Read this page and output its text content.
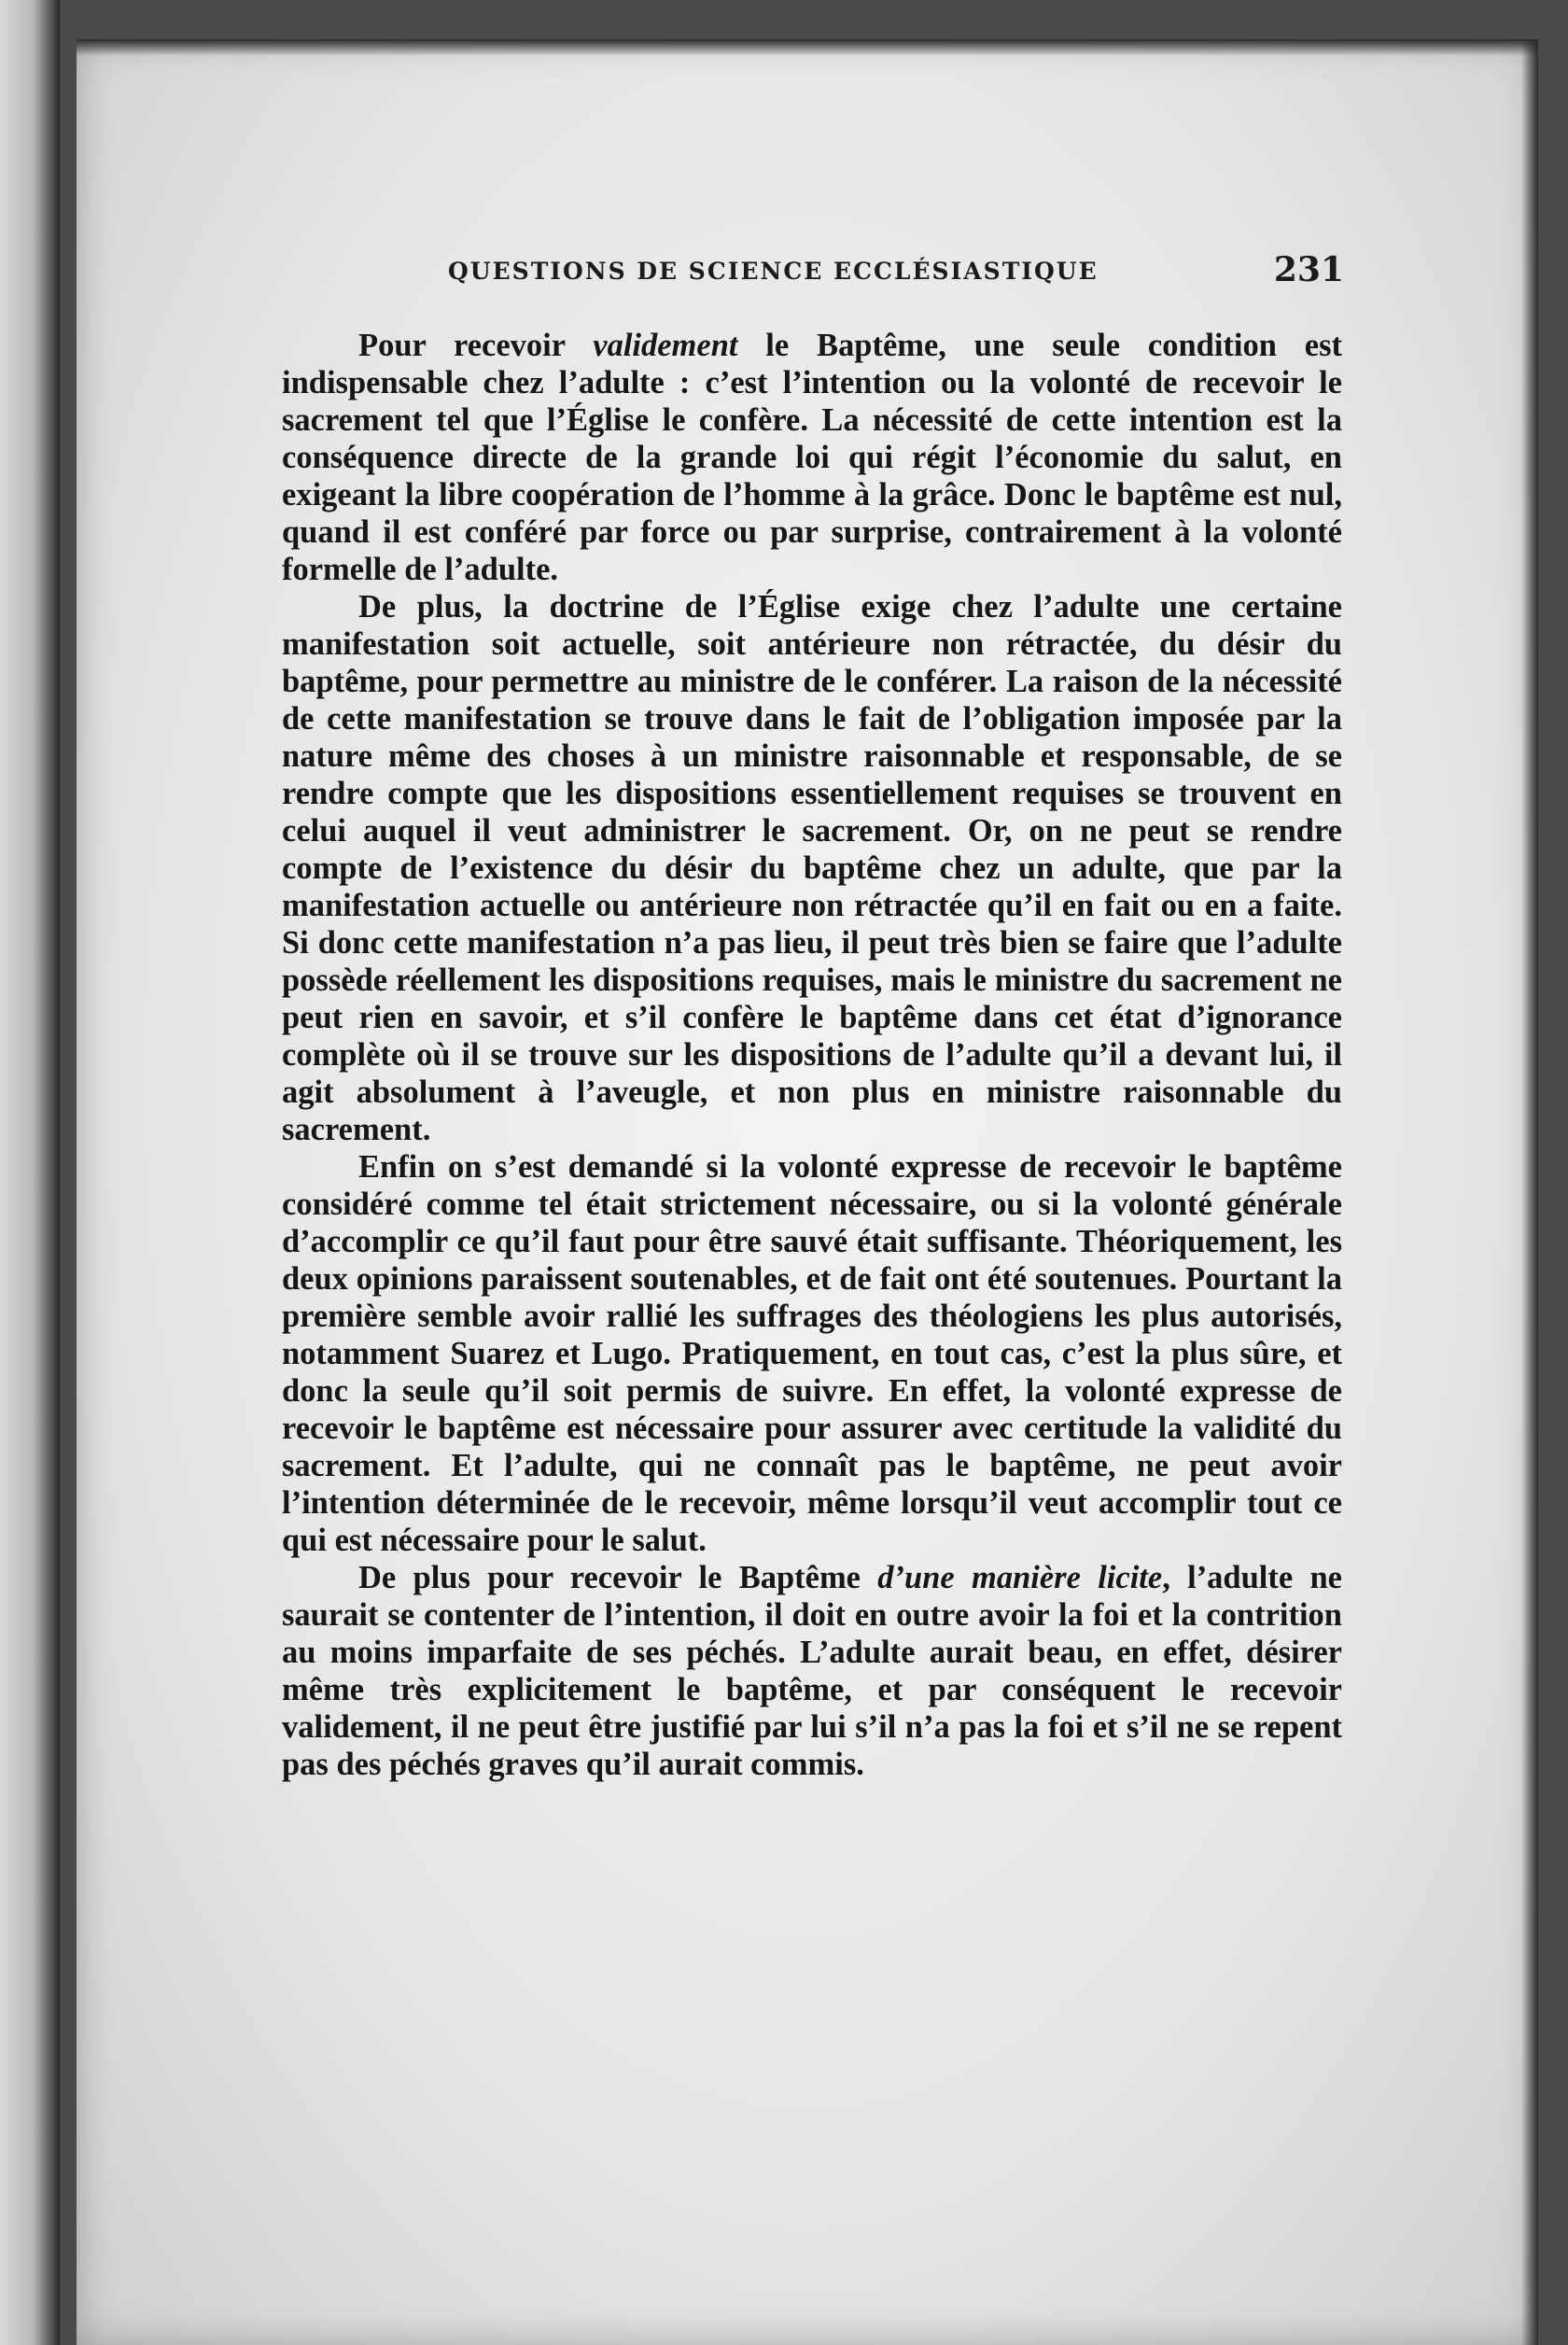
QUESTIONS DE SCIENCE ECCLÉSIASTIQUE	231

Pour recevoir validement le Baptême, une seule condition est indispensable chez l’adulte : c’est l’intention ou la volonté de recevoir le sacrement tel que l’Église le confère. La nécessité de cette intention est la conséquence directe de la grande loi qui régit l’économie du salut, en exigeant la libre coopération de l’homme à la grâce. Donc le baptême est nul, quand il est conféré par force ou par surprise, contrairement à la volonté formelle de l’adulte.

De plus, la doctrine de l’Église exige chez l’adulte une certaine manifestation soit actuelle, soit antérieure non rétractée, du désir du baptême, pour permettre au ministre de le conférer. La raison de la nécessité de cette manifestation se trouve dans le fait de l’obligation imposée par la nature même des choses à un ministre raisonnable et responsable, de se rendre compte que les dispositions essentiellement requises se trouvent en celui auquel il veut administrer le sacrement. Or, on ne peut se rendre compte de l’existence du désir du baptême chez un adulte, que par la manifestation actuelle ou antérieure non rétractée qu’il en fait ou en a faite. Si donc cette manifestation n’a pas lieu, il peut très bien se faire que l’adulte possède réellement les dispositions requises, mais le ministre du sacrement ne peut rien en savoir, et s’il confère le baptême dans cet état d’ignorance complète où il se trouve sur les dispositions de l’adulte qu’il a devant lui, il agit absolument à l’aveugle, et non plus en ministre raisonnable du sacrement.

Enfin on s’est demandé si la volonté expresse de recevoir le baptême considéré comme tel était strictement nécessaire, ou si la volonté générale d’accomplir ce qu’il faut pour être sauvé était suffisante. Théoriquement, les deux opinions paraissent soutenables, et de fait ont été soutenues. Pourtant la première semble avoir rallié les suffrages des théologiens les plus autorisés, notamment Suarez et Lugo. Pratiquement, en tout cas, c’est la plus sûre, et donc la seule qu’il soit permis de suivre. En effet, la volonté expresse de recevoir le baptême est nécessaire pour assurer avec certitude la validité du sacrement. Et l’adulte, qui ne connaît pas le baptême, ne peut avoir l’intention déterminée de le recevoir, même lorsqu’il veut accomplir tout ce qui est nécessaire pour le salut.

De plus pour recevoir le Baptême d’une manière licite, l’adulte ne saurait se contenter de l’intention, il doit en outre avoir la foi et la contrition au moins imparfaite de ses péchés. L’adulte aurait beau, en effet, désirer même très explicitement le baptême, et par conséquent le recevoir validement, il ne peut être justifié par lui s’il n’a pas la foi et s’il ne se repent pas des péchés graves qu’il aurait commis.
